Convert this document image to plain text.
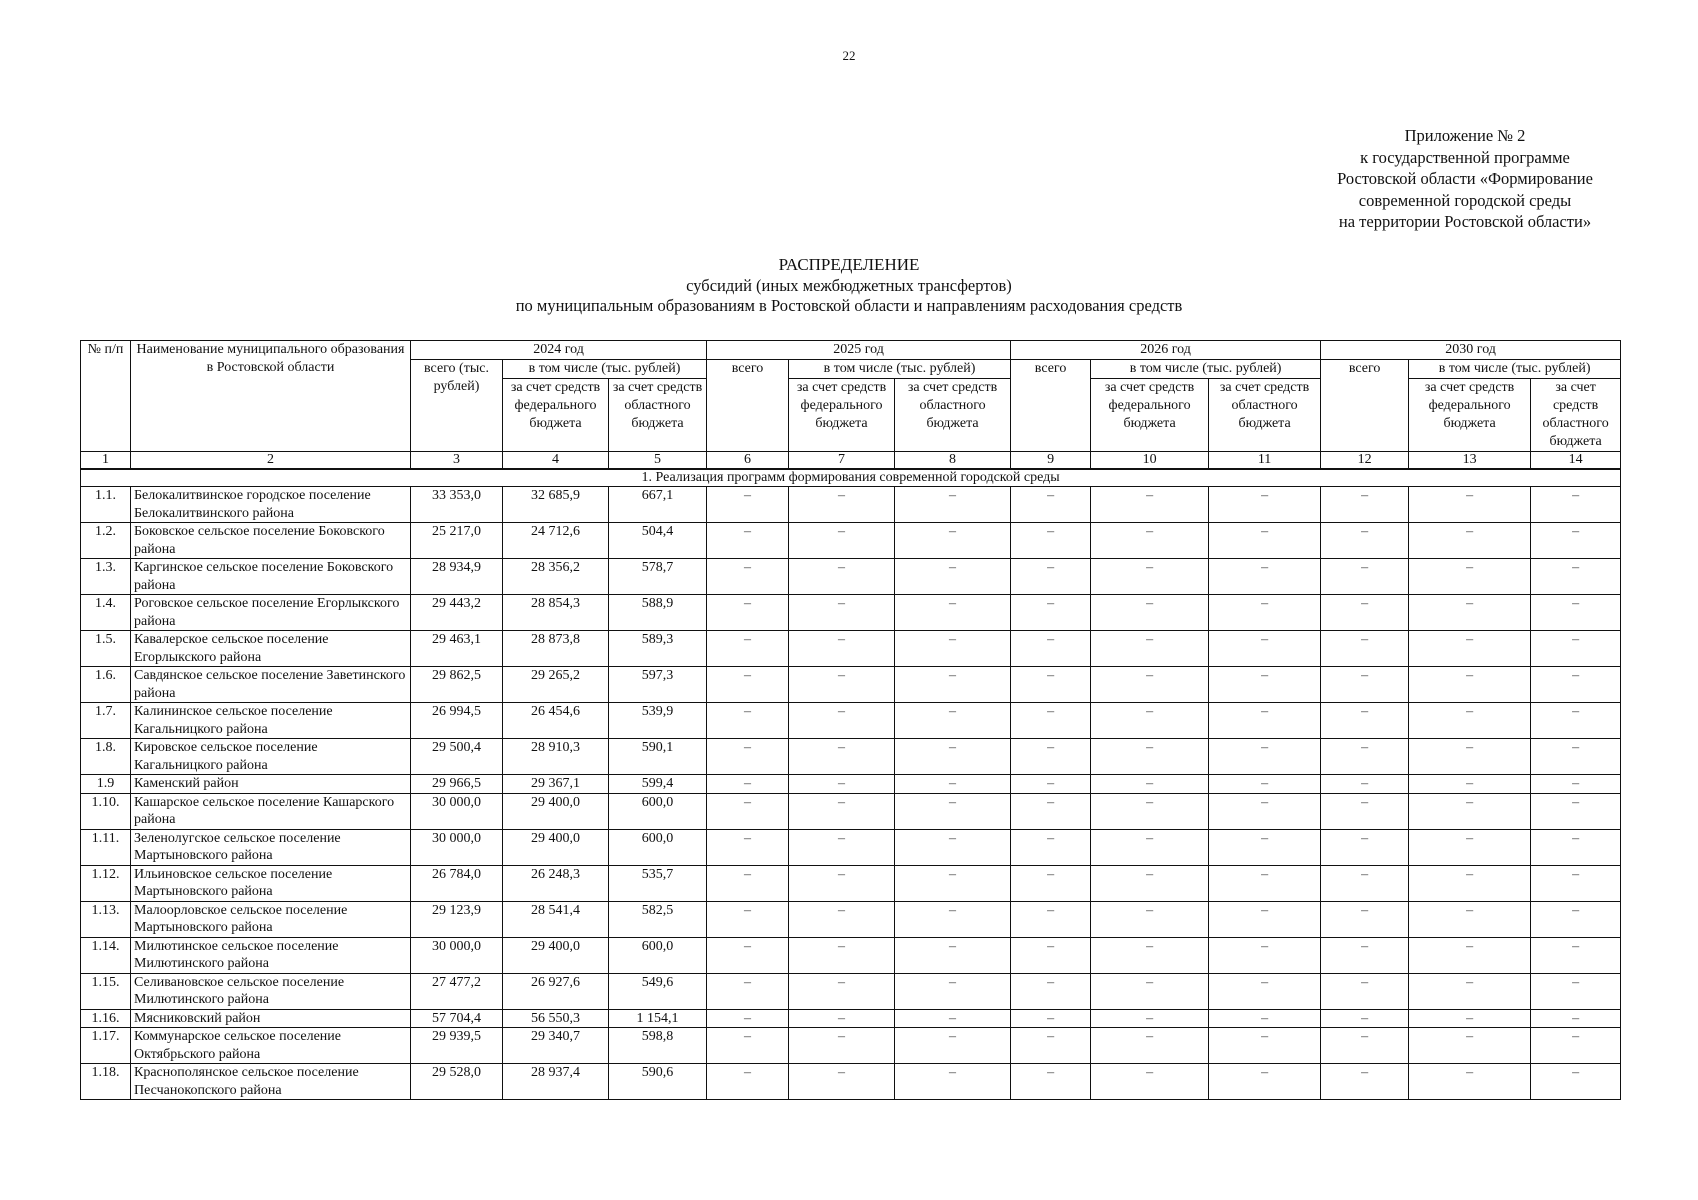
22
Приложение № 2
к государственной программе
Ростовской области «Формирование
современной городской среды
на территории Ростовской области»
РАСПРЕДЕЛЕНИЕ
субсидий (иных межбюджетных трансфертов)
по муниципальным образованиям в Ростовской области и направлениям расходования средств
№ п/п	Наименование муниципального образования в Ростовской области	2024 год			2025 год			2026 год			2030 год		
		всего (тыс. рублей)	в том числе (тыс. рублей)		всего	в том числе (тыс. рублей)		всего	в том числе (тыс. рублей)		всего	в том числе (тыс. рублей)	
			за счет средств федерального бюджета	за счет средств областного бюджета		за счет средств федерального бюджета	за счет средств областного бюджета		за счет средств федерального бюджета	за счет средств областного бюджета		за счет средств федерального бюджета	за счет средств областного бюджета
1	2	3	4	5	6	7	8	9	10	11	12	13	14
1. Реализация программ формирования современной городской среды													
1.1.	Белокалитвинское городское поселение Белокалитвинского района	33 353,0	32 685,9	667,1	–	–	–	–	–	–	–	–	–
1.2.	Боковское сельское поселение Боковского района	25 217,0	24 712,6	504,4	–	–	–	–	–	–	–	–	–
1.3.	Каргинское сельское поселение Боковского района	28 934,9	28 356,2	578,7	–	–	–	–	–	–	–	–	–
1.4.	Роговское сельское поселение Егорлыкского района	29 443,2	28 854,3	588,9	–	–	–	–	–	–	–	–	–
1.5.	Кавалерское сельское поселение Егорлыкского района	29 463,1	28 873,8	589,3	–	–	–	–	–	–	–	–	–
1.6.	Савдянское сельское поселение Заветинского района	29 862,5	29 265,2	597,3	–	–	–	–	–	–	–	–	–
1.7.	Калининское сельское поселение Кагальницкого района	26 994,5	26 454,6	539,9	–	–	–	–	–	–	–	–	–
1.8.	Кировское сельское поселение Кагальницкого района	29 500,4	28 910,3	590,1	–	–	–	–	–	–	–	–	–
1.9	Каменский район	29 966,5	29 367,1	599,4	–	–	–	–	–	–	–	–	–
1.10.	Кашарское сельское поселение Кашарского района	30 000,0	29 400,0	600,0	–	–	–	–	–	–	–	–	–
1.11.	Зеленолугское сельское поселение Мартыновского района	30 000,0	29 400,0	600,0	–	–	–	–	–	–	–	–	–
1.12.	Ильиновское сельское поселение Мартыновского района	26 784,0	26 248,3	535,7	–	–	–	–	–	–	–	–	–
1.13.	Малоорловское сельское поселение Мартыновского района	29 123,9	28 541,4	582,5	–	–	–	–	–	–	–	–	–
1.14.	Милютинское сельское поселение Милютинского района	30 000,0	29 400,0	600,0	–	–	–	–	–	–	–	–	–
1.15.	Селивановское сельское поселение Милютинского района	27 477,2	26 927,6	549,6	–	–	–	–	–	–	–	–	–
1.16.	Мясниковский район	57 704,4	56 550,3	1 154,1	–	–	–	–	–	–	–	–	–
1.17.	Коммунарское сельское поселение Октябрьского района	29 939,5	29 340,7	598,8	–	–	–	–	–	–	–	–	–
1.18.	Краснополянское сельское поселение Песчанокопского района	29 528,0	28 937,4	590,6	–	–	–	–	–	–	–	–	–
